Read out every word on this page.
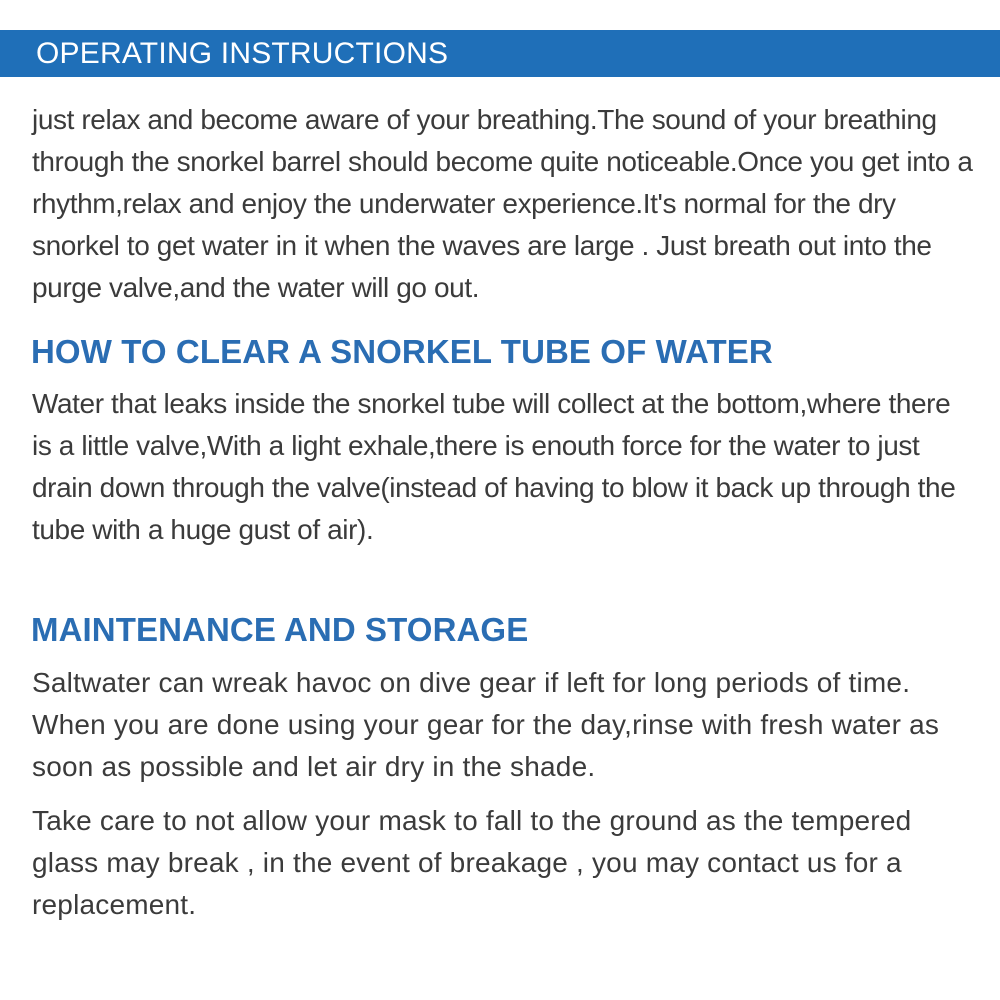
OPERATING INSTRUCTIONS

just relax and become aware of your breathing.The sound of your breathing through the snorkel barrel should become quite noticeable.Once you get into a rhythm,relax and enjoy the underwater experience.It's normal for the dry snorkel to get water in it when the waves are large . Just breath out into the purge valve,and the water will go out.

HOW TO CLEAR A SNORKEL TUBE OF WATER

Water that leaks inside the snorkel tube will collect at the bottom,where there is a little valve,With a light exhale,there is enouth force for the water to just drain down through the valve(instead of having to blow it back up through the tube with a huge gust of air).

MAINTENANCE AND STORAGE

Saltwater can wreak havoc on dive gear if left for long periods of time. When you are done using your gear for the day,rinse with fresh water as soon as possible and let air dry in the shade.

Take care to not allow your mask to fall to the ground as the tempered glass may break , in the event of breakage , you may contact us for a replacement.
